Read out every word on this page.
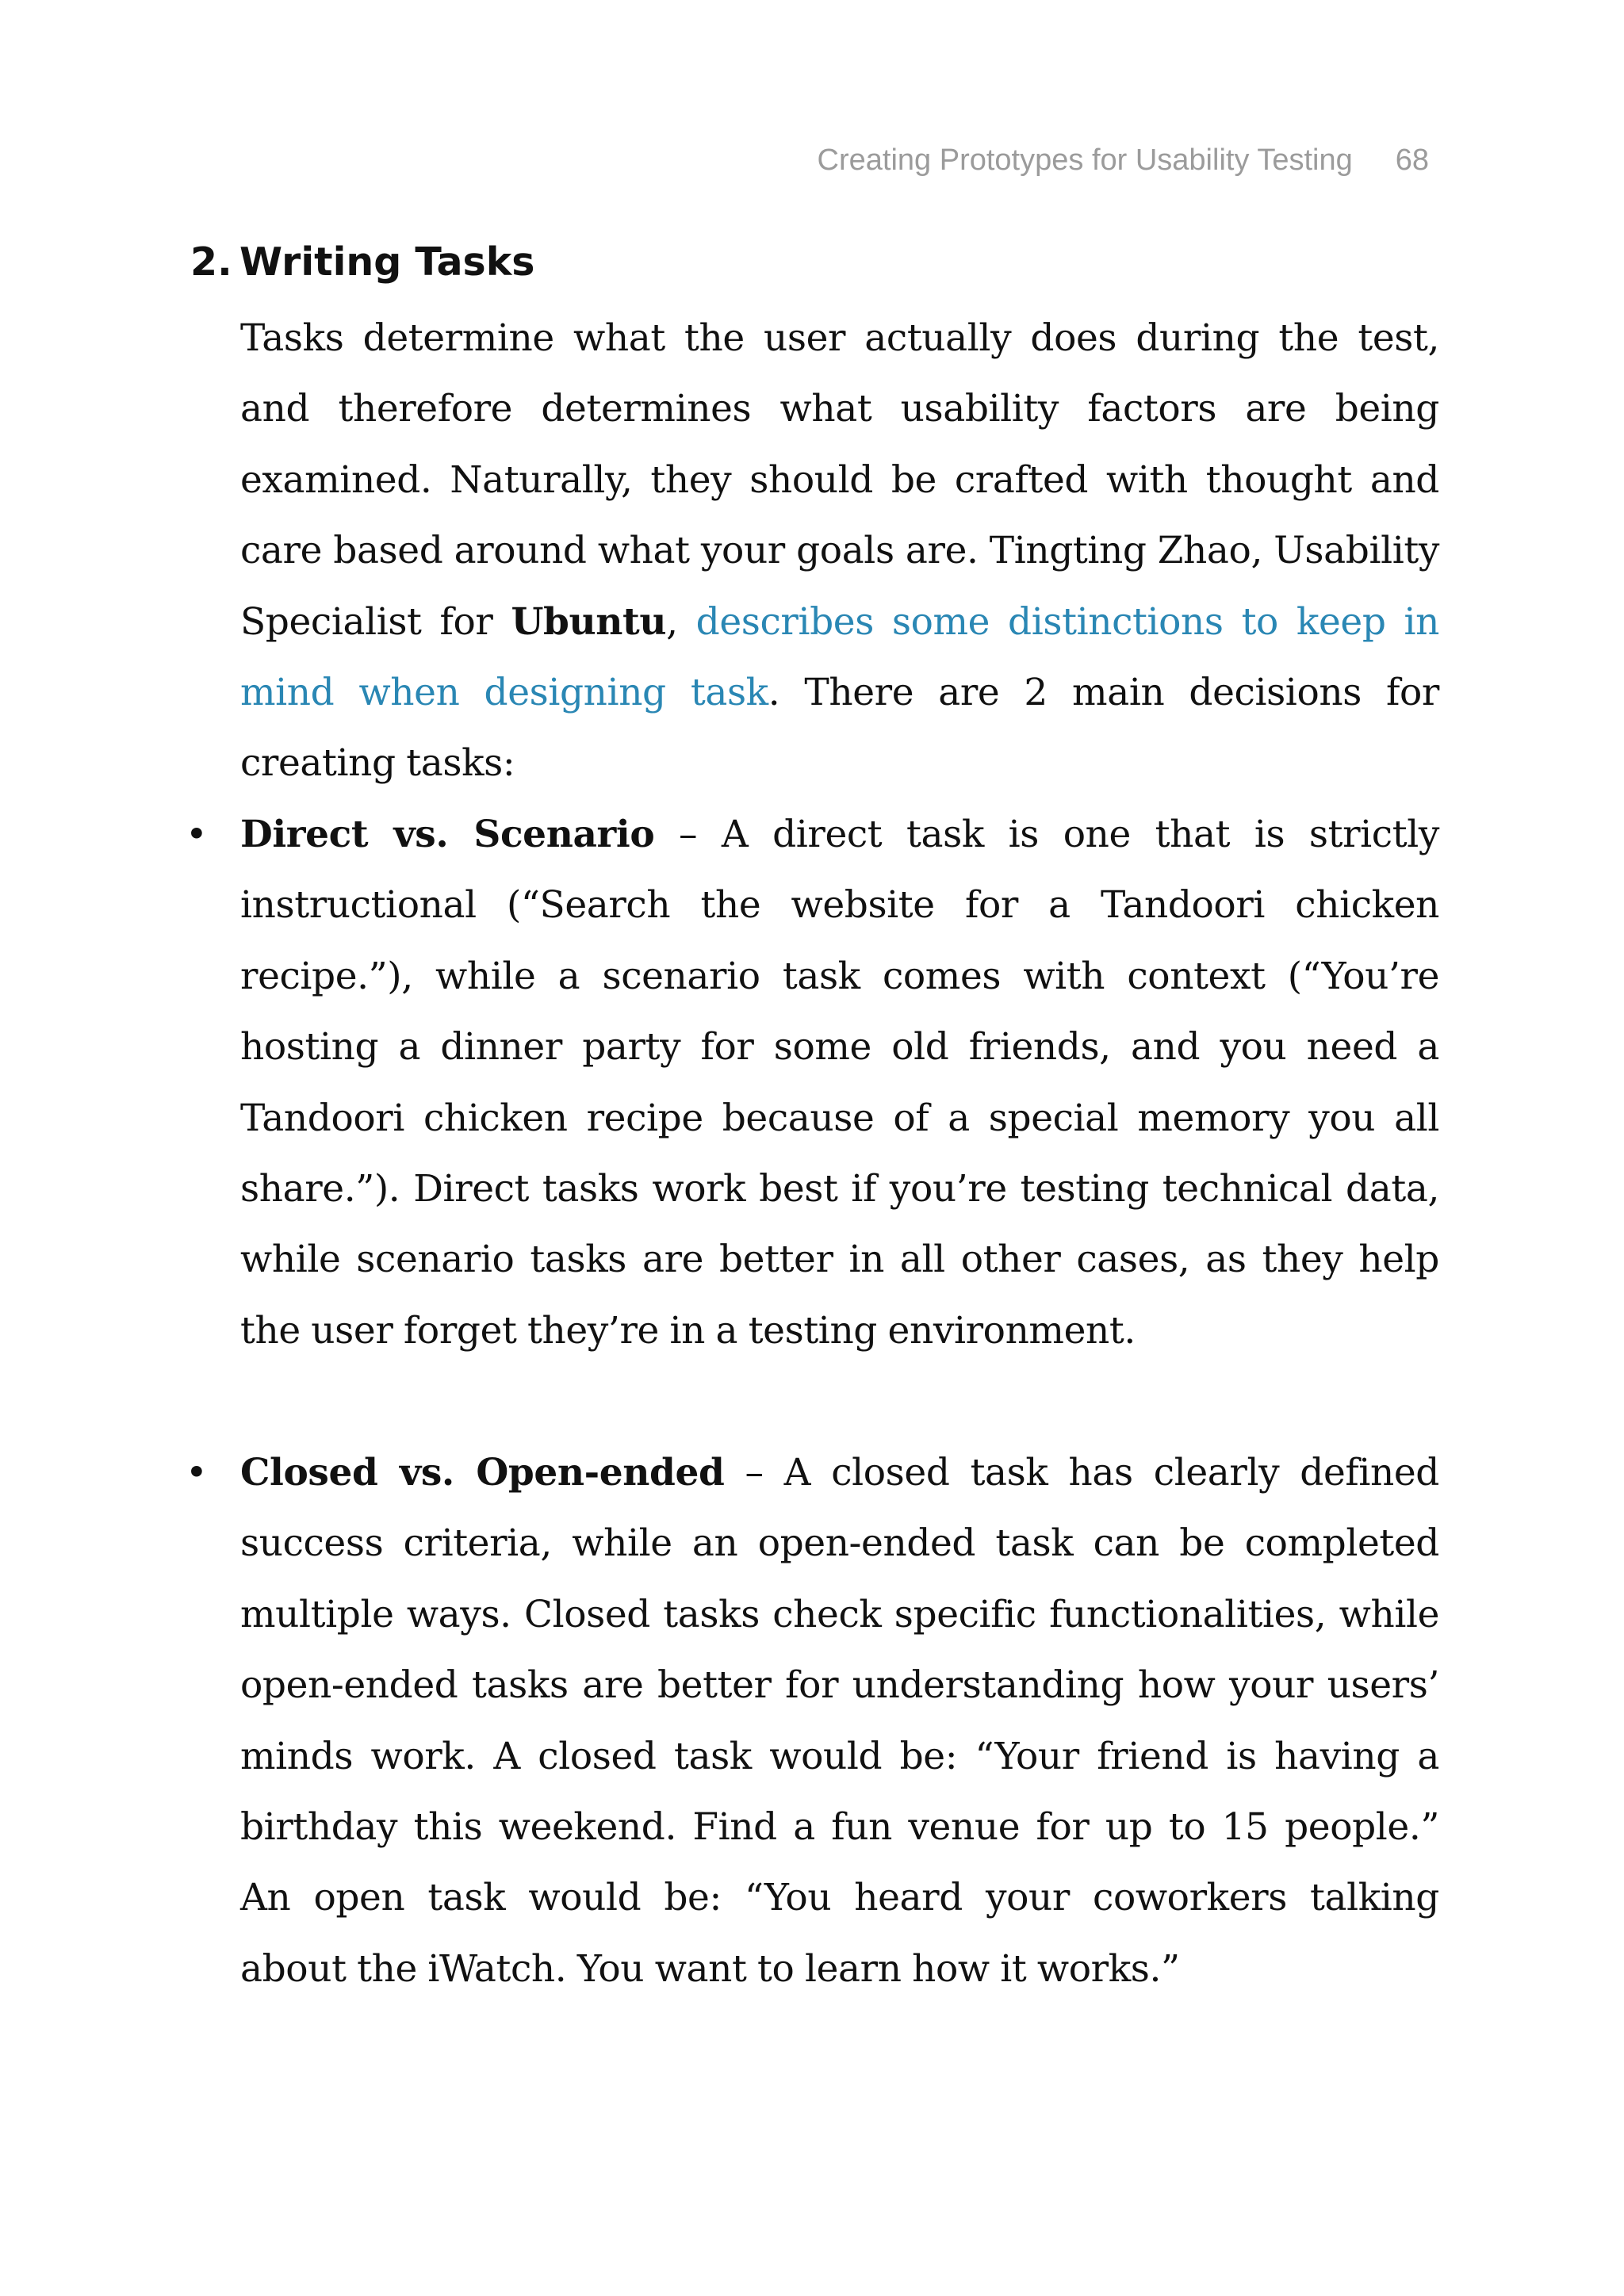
Creating Prototypes for Usability Testing 68
2. Writing Tasks
Tasks determine what the user actually does during the test, and therefore determines what usability factors are being examined. Naturally, they should be crafted with thought and care based around what your goals are. Tingting Zhao, Usability Specialist for Ubuntu, describes some distinctions to keep in mind when designing task. There are 2 main decisions for creating tasks:
• Direct vs. Scenario – A direct task is one that is strictly instructional (“Search the website for a Tandoori chicken recipe.”), while a scenario task comes with context (“You’re hosting a dinner party for some old friends, and you need a Tandoori chicken recipe because of a special memory you all share.”). Direct tasks work best if you’re testing technical data, while scenario tasks are better in all other cases, as they help the user forget they’re in a testing environment.
• Closed vs. Open-ended – A closed task has clearly defined success criteria, while an open-ended task can be completed multiple ways. Closed tasks check specific functionalities, while open-ended tasks are better for understanding how your users’ minds work. A closed task would be: “Your friend is having a birthday this weekend. Find a fun venue for up to 15 people.” An open task would be: “You heard your coworkers talking about the iWatch. You want to learn how it works.”
